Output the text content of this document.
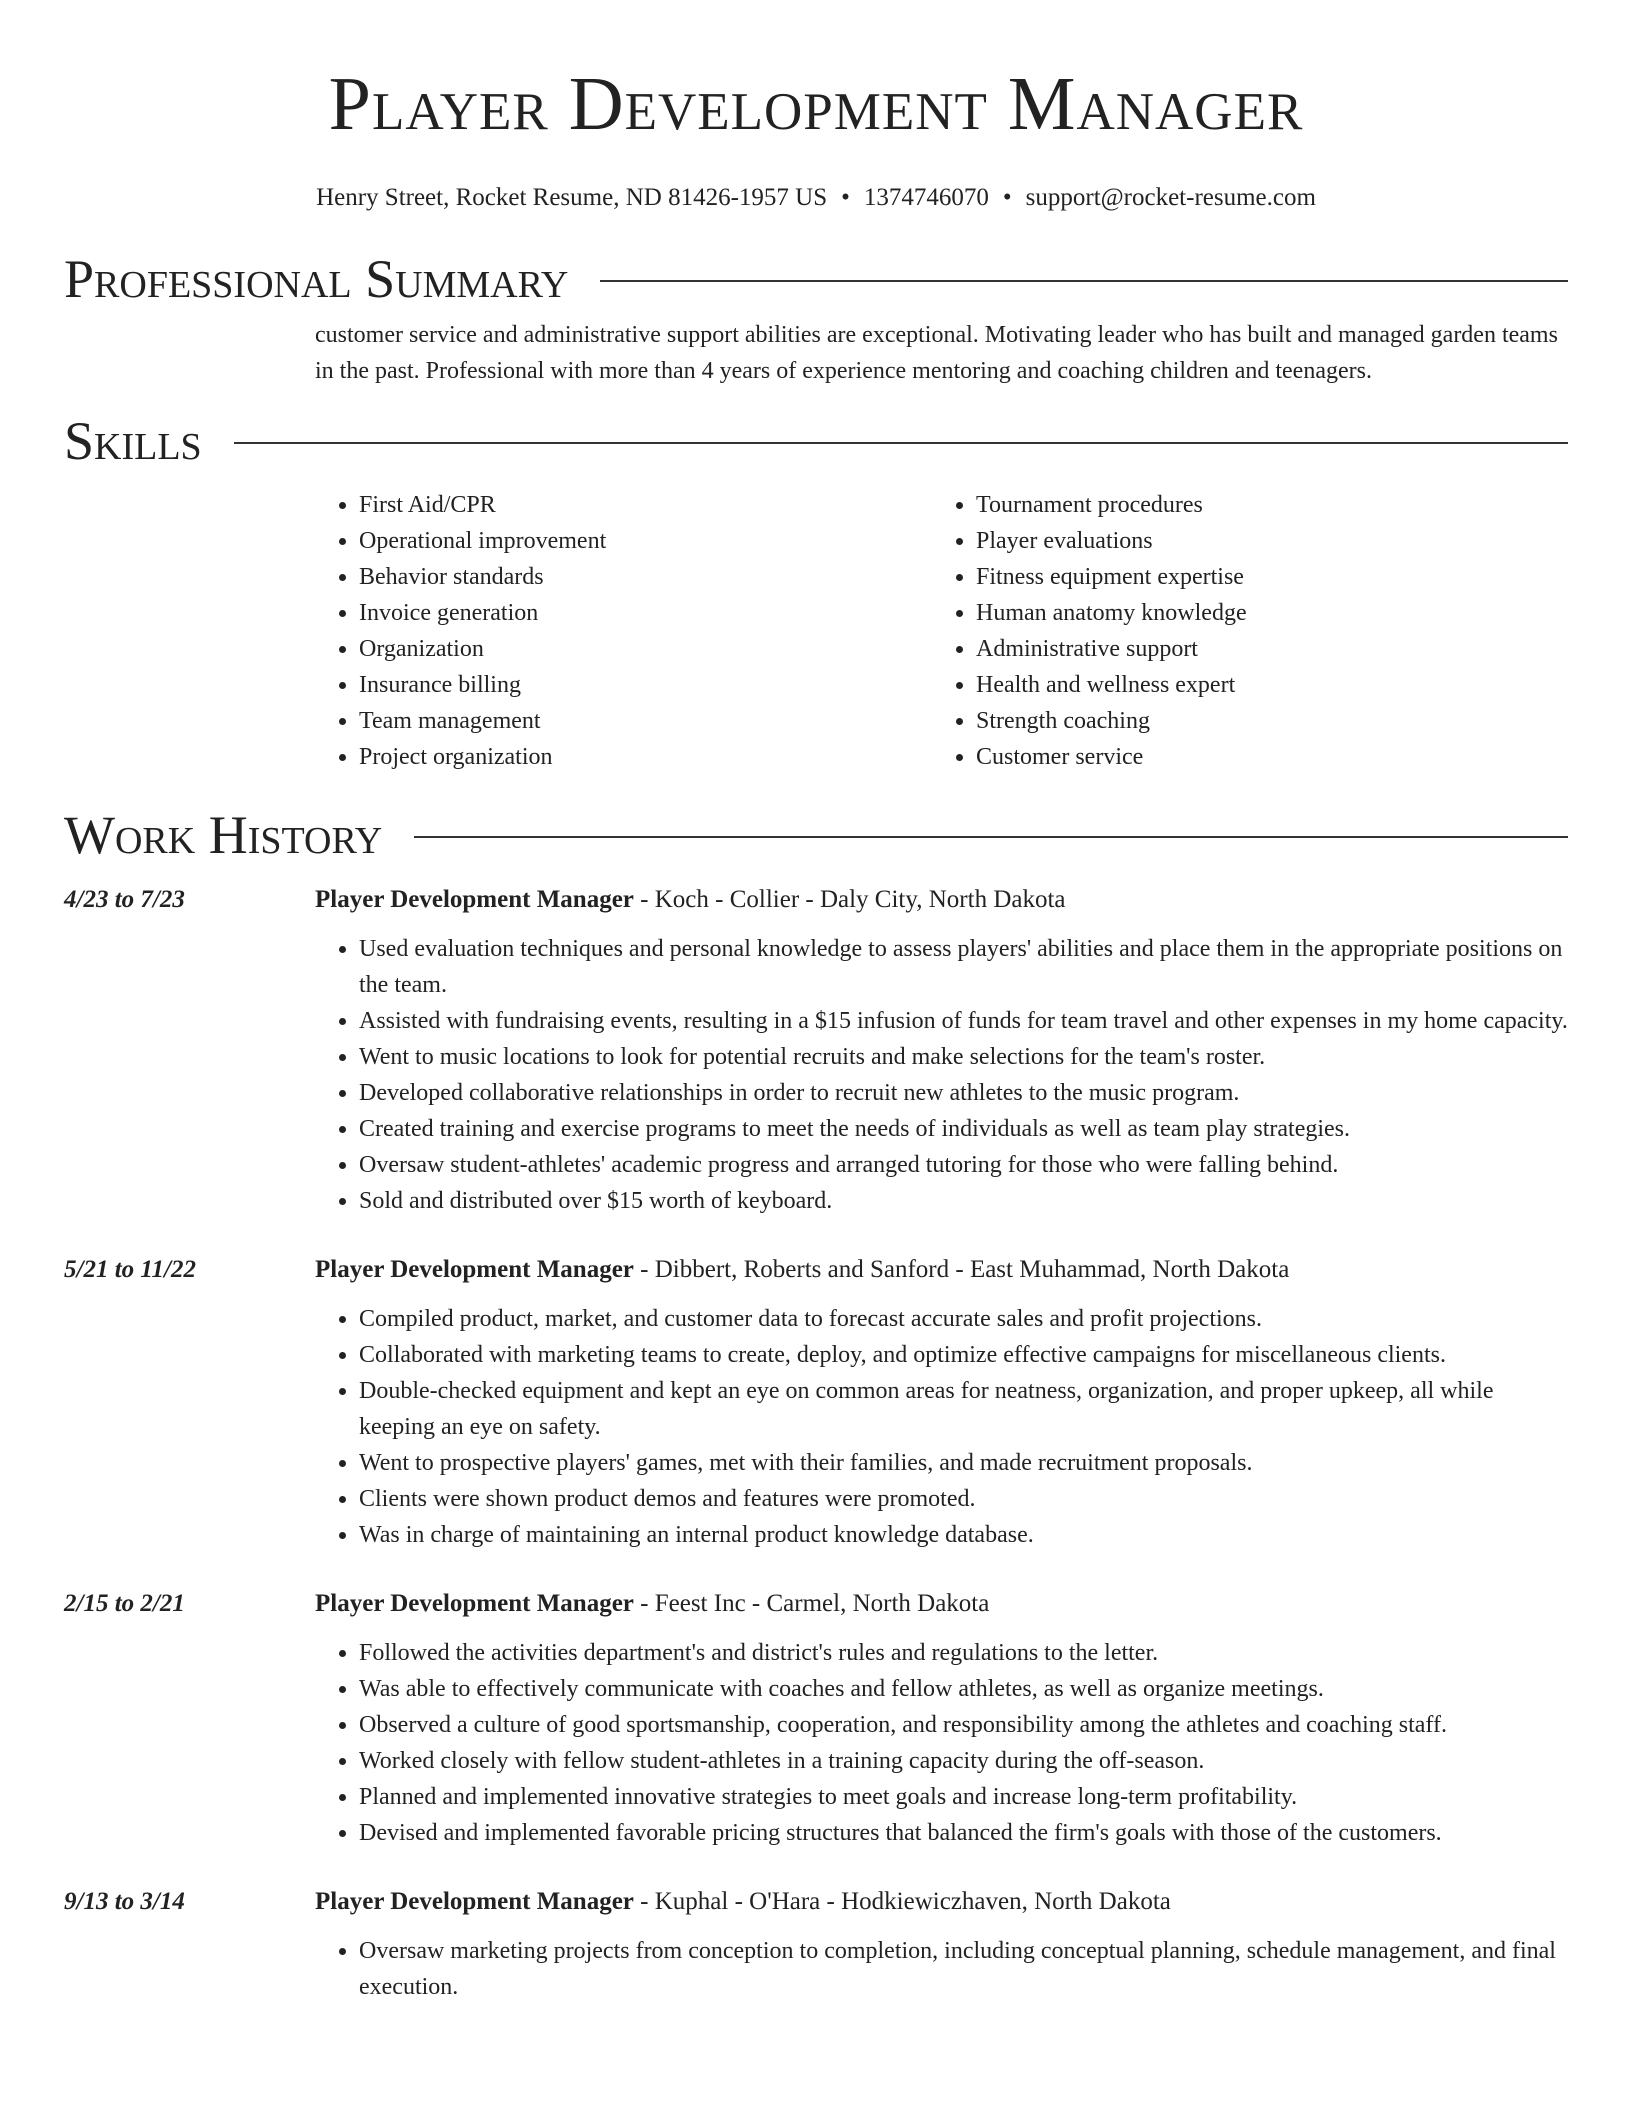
Player Development Manager
Henry Street, Rocket Resume, ND 81426-1957 US • 1374746070 • support@rocket-resume.com
Professional Summary

customer service and administrative support abilities are exceptional. Motivating leader who has built and managed garden teams in the past. Professional with more than 4 years of experience mentoring and coaching children and teenagers.

Skills
• First Aid/CPR
• Operational improvement
• Behavior standards
• Invoice generation
• Organization
• Insurance billing
• Team management
• Project organization
• Tournament procedures
• Player evaluations
• Fitness equipment expertise
• Human anatomy knowledge
• Administrative support
• Health and wellness expert
• Strength coaching
• Customer service
Work History
4/23 to 7/23	Player Development Manager - Koch - Collier - Daly City, North Dakota
• Used evaluation techniques and personal knowledge to assess players' abilities and place them in the appropriate positions on the team.
• Assisted with fundraising events, resulting in a $15 infusion of funds for team travel and other expenses in my home capacity.
• Went to music locations to look for potential recruits and make selections for the team's roster.
• Developed collaborative relationships in order to recruit new athletes to the music program.
• Created training and exercise programs to meet the needs of individuals as well as team play strategies.
• Oversaw student-athletes' academic progress and arranged tutoring for those who were falling behind.
• Sold and distributed over $15 worth of keyboard.
5/21 to 11/22	Player Development Manager - Dibbert, Roberts and Sanford - East Muhammad, North Dakota
• Compiled product, market, and customer data to forecast accurate sales and profit projections.
• Collaborated with marketing teams to create, deploy, and optimize effective campaigns for miscellaneous clients.
• Double-checked equipment and kept an eye on common areas for neatness, organization, and proper upkeep, all while keeping an eye on safety.
• Went to prospective players' games, met with their families, and made recruitment proposals.
• Clients were shown product demos and features were promoted.
• Was in charge of maintaining an internal product knowledge database.
2/15 to 2/21	Player Development Manager - Feest Inc - Carmel, North Dakota
• Followed the activities department's and district's rules and regulations to the letter.
• Was able to effectively communicate with coaches and fellow athletes, as well as organize meetings.
• Observed a culture of good sportsmanship, cooperation, and responsibility among the athletes and coaching staff.
• Worked closely with fellow student-athletes in a training capacity during the off-season.
• Planned and implemented innovative strategies to meet goals and increase long-term profitability.
• Devised and implemented favorable pricing structures that balanced the firm's goals with those of the customers.
9/13 to 3/14	Player Development Manager - Kuphal - O'Hara - Hodkiewiczhaven, North Dakota
• Oversaw marketing projects from conception to completion, including conceptual planning, schedule management, and final execution.
